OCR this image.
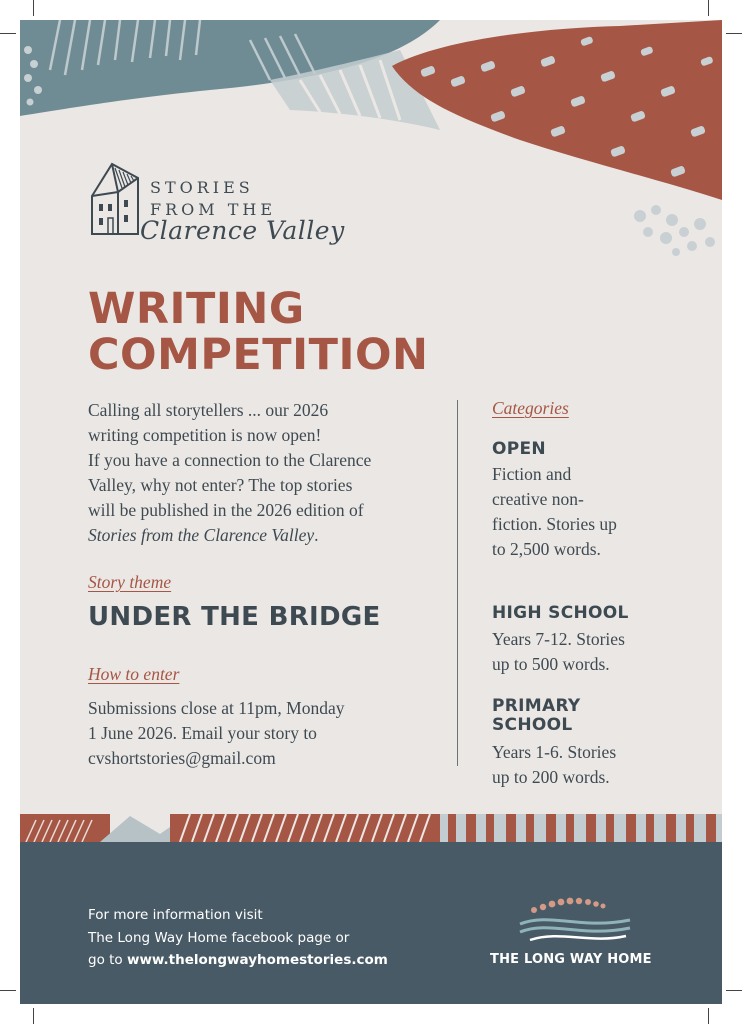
STORIES
FROM THE
Clarence Valley
WRITING
COMPETITION
Calling all storytellers ... our 2026
writing competition is now open!
If you have a connection to the Clarence
Valley, why not enter? The top stories
will be published in the 2026 edition of
Stories from the Clarence Valley.
Story theme
UNDER THE BRIDGE
How to enter
Submissions close at 11pm, Monday
1 June 2026. Email your story to
cvshortstories@gmail.com
Categories
OPEN
Fiction and
creative non-
fiction. Stories up
to 2,500 words.
HIGH SCHOOL
Years 7-12. Stories
up to 500 words.
PRIMARY
SCHOOL
Years 1-6. Stories
up to 200 words.
For more information visit
The Long Way Home facebook page or
go to www.thelongwayhomestories.com	THE LONG WAY HOME
